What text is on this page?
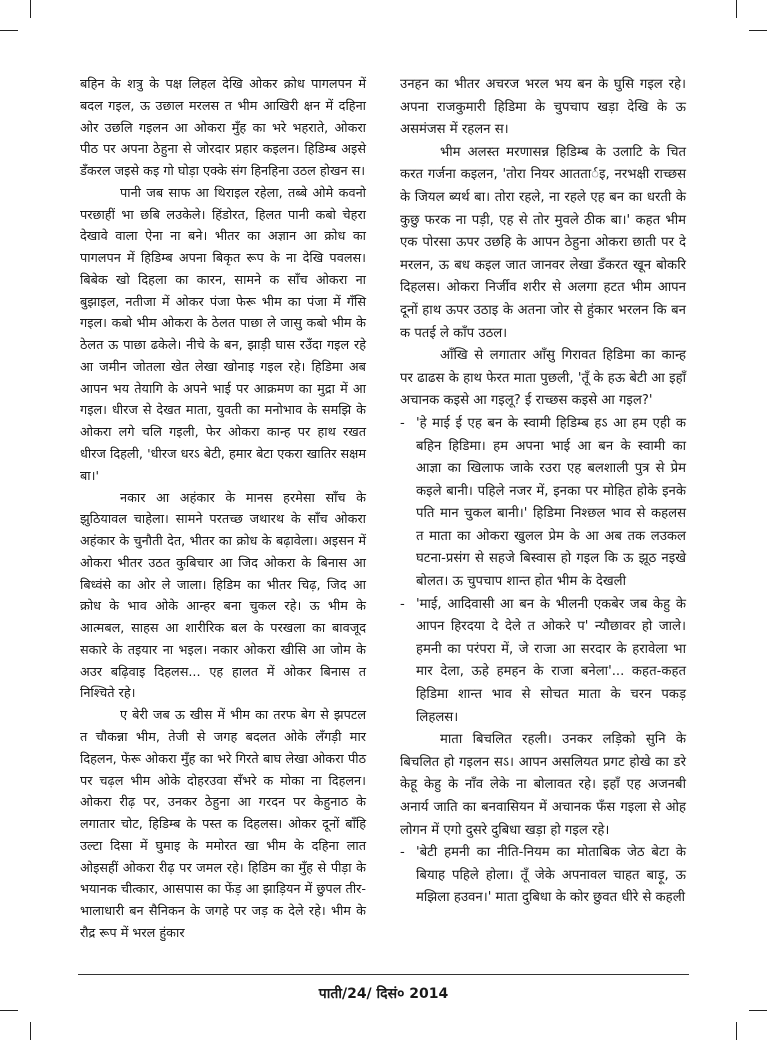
बहिन के शत्रु के पक्ष लिहल देखि ओकर क्रोध पागलपन में बदल गइल, ऊ उछाल मरलस त भीम आखिरी क्षन में दहिना ओर उछलि गइलन आ ओकरा मुँह का भरे भहराते, ओकरा पीठ पर अपना ठेहुना से जोरदार प्रहार कइलन। हिडिम्ब अइसे डँकरल जइसे कइ गो घोड़ा एक्के संग हिनहिना उठल होखन स।

पानी जब साफ आ थिराइल रहेला, तब्बे ओमे कवनो परछाहीं भा छबि लउकेले। हिंडोरत, हिलत पानी कबो चेहरा देखावे वाला ऐना ना बने। भीतर का अज्ञान आ क्रोध का पागलपन में हिडिम्ब अपना बिकृत रूप के ना देखि पवलस। बिबेक खो दिहला का कारन, सामने क साँच ओकरा ना बुझाइल, नतीजा में ओकर पंजा फेरू भीम का पंजा में गँसि गइल। कबो भीम ओकरा के ठेलत पाछा ले जासु कबो भीम के ठेलत ऊ पाछा ढकेले। नीचे के बन, झाड़ी घास रउँदा गइल रहे आ जमीन जोतला खेत लेखा खोनाइ गइल रहे। हिडिमा अब आपन भय तेयागि के अपने भाई पर आक्रमण का मुद्रा में आ गइल। धीरज से देखत माता, युवती का मनोभाव के समझि के ओकरा लगे चलि गइली, फेर ओकरा कान्ह पर हाथ रखत धीरज दिहली, 'धीरज धरऽ बेटी, हमार बेटा एकरा खातिर सक्षम बा।'

नकार आ अहंकार के मानस हरमेसा साँच के झुठियावल चाहेला। सामने परतच्छ जथारथ के साँच ओकरा अहंकार के चुनौती देत, भीतर का क्रोध के बढ़ावेला। अइसन में ओकरा भीतर उठत कुबिचार आ जिद ओकरा के बिनास आ बिध्वंसे का ओर ले जाला। हिडिम का भीतर चिढ़, जिद आ क्रोध के भाव ओके आन्हर बना चुकल रहे। ऊ भीम के आत्मबल, साहस आ शारीरिक बल के परखला का बावजूद सकारे के तइयार ना भइल। नकार ओकरा खीसि आ जोम के अउर बढ़िवाइ दिहलस... एह हालत में ओकर बिनास त निश्चिते रहे।

ए बेरी जब ऊ खीस में भीम का तरफ बेग से झपटल त चौकन्ना भीम, तेजी से जगह बदलत ओके लँगड़ी मार दिहलन, फेरू ओकरा मुँह का भरे गिरते बाघ लेखा ओकरा पीठ पर चढ़ल भीम ओके दोहरउवा सँभरे क मोका ना दिहलन। ओकरा रीढ़ पर, उनकर ठेहुना आ गरदन पर केहुनाठ के लगातार चोट, हिडिम्ब के पस्त क दिहलस। ओकर दूनों बाँहि उल्टा दिसा में घुमाइ के ममोरत खा भीम के दहिना लात ओइसहीं ओकरा रीढ़ पर जमल रहे। हिडिम का मुँह से पीड़ा के भयानक चीत्कार, आसपास का फेंड़ आ झाड़ियन में छुपल तीर-भालाधारी बन सैनिकन के जगहे पर जड़ क देले रहे। भीम के रौद्र रूप में भरल हुंकार

उनहन का भीतर अचरज भरल भय बन के घुसि गइल रहे। अपना राजकुमारी हिडिमा के चुपचाप खड़ा देखि के ऊ असमंजस में रहलन स।

भीम अलस्त मरणासन्न हिडिम्ब के उलाटि के चित करत गर्जना कइलन, 'तोरा नियर आततार्इ, नरभक्षी राच्छस के जियल ब्यर्थ बा। तोरा रहले, ना रहले एह बन का धरती के कुछु फरक ना पड़ी, एह से तोर मुवले ठीक बा।' कहत भीम एक पोरसा ऊपर उछहि के आपन ठेहुना ओकरा छाती पर दे मरलन, ऊ बध कइल जात जानवर लेखा डँकरत खून बोकरि दिहलस। ओकरा निर्जीव शरीर से अलगा हटत भीम आपन दूनों हाथ ऊपर उठाइ के अतना जोर से हुंकार भरलन कि बन क पतई ले काँप उठल।

आँखि से लगातार आँसु गिरावत हिडिमा का कान्ह पर ढाढस के हाथ फेरत माता पुछली, 'तूँ के हऊ बेटी आ इहाँ अचानक कइसे आ गइलू? ई राच्छस कइसे आ गइल?'

- 'हे माई ई एह बन के स्वामी हिडिम्ब हऽ आ हम एही क बहिन हिडिमा। हम अपना भाई आ बन के स्वामी का आज्ञा का खिलाफ जाके रउरा एह बलशाली पुत्र से प्रेम कइले बानी। पहिले नजर में, इनका पर मोहित होके इनके पति मान चुकल बानी।' हिडिमा निश्छल भाव से कहलस त माता का ओकरा खुलल प्रेम के आ अब तक लउकल घटना-प्रसंग से सहजे बिस्वास हो गइल कि ऊ झूठ नइखे बोलत। ऊ चुपचाप शान्त होत भीम के देखली
- 'माई, आदिवासी आ बन के भीलनी एकबेर जब केहु के आपन हिरदया दे देले त ओकरे प' न्यौछावर हो जाले। हमनी का परंपरा में, जे राजा आ सरदार के हरावेला भा मार देला, ऊहे हमहन के राजा बनेला'... कहत-कहत हिडिमा शान्त भाव से सोचत माता के चरन पकड़ लिहलस।

माता बिचलित रहली। उनकर लड़िको सुनि के बिचलित हो गइलन सऽ। आपन असलियत प्रगट होखे का डरे केहू केहु के नाँव लेके ना बोलावत रहे। इहाँ एह अजनबी अनार्य जाति का बनवासियन में अचानक फँस गइला से ओह लोगन में एगो दुसरे दुबिधा खड़ा हो गइल रहे।

- 'बेटी हमनी का नीति-नियम का मोताबिक जेठ बेटा के बियाह पहिले होला। तूँ जेके अपनावल चाहत बाड़ू, ऊ मझिला हउवन।' माता दुबिधा के कोर छुवत धीरे से कहली
पाती/24/ दिसं० 2014
